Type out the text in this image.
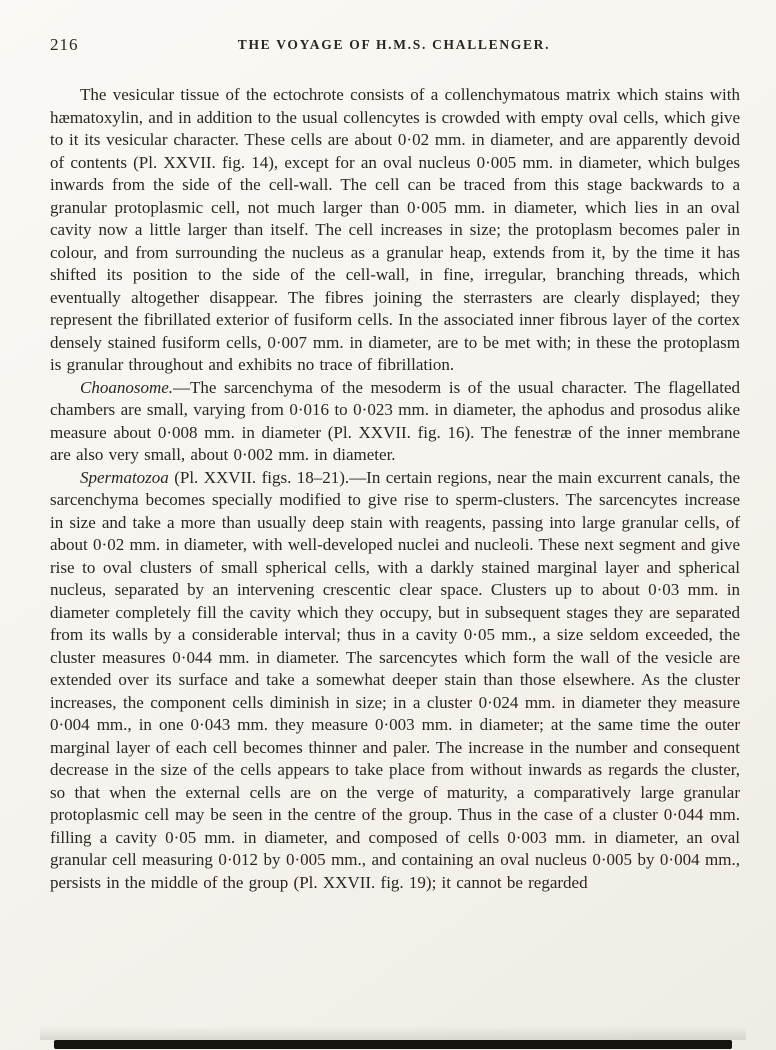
216	THE VOYAGE OF H.M.S. CHALLENGER.

The vesicular tissue of the ectochrote consists of a collenchymatous matrix which stains with hæmatoxylin, and in addition to the usual collencytes is crowded with empty oval cells, which give to it its vesicular character. These cells are about 0·02 mm. in diameter, and are apparently devoid of contents (Pl. XXVII. fig. 14), except for an oval nucleus 0·005 mm. in diameter, which bulges inwards from the side of the cell-wall. The cell can be traced from this stage backwards to a granular protoplasmic cell, not much larger than 0·005 mm. in diameter, which lies in an oval cavity now a little larger than itself. The cell increases in size; the protoplasm becomes paler in colour, and from surrounding the nucleus as a granular heap, extends from it, by the time it has shifted its position to the side of the cell-wall, in fine, irregular, branching threads, which eventually altogether disappear. The fibres joining the sterrasters are clearly displayed; they represent the fibrillated exterior of fusiform cells. In the associated inner fibrous layer of the cortex densely stained fusiform cells, 0·007 mm. in diameter, are to be met with; in these the protoplasm is granular throughout and exhibits no trace of fibrillation.

Choanosome.—The sarcenchyma of the mesoderm is of the usual character. The flagellated chambers are small, varying from 0·016 to 0·023 mm. in diameter, the aphodus and prosodus alike measure about 0·008 mm. in diameter (Pl. XXVII. fig. 16). The fenestræ of the inner membrane are also very small, about 0·002 mm. in diameter.

Spermatozoa (Pl. XXVII. figs. 18–21).—In certain regions, near the main excurrent canals, the sarcenchyma becomes specially modified to give rise to sperm-clusters. The sarcencytes increase in size and take a more than usually deep stain with reagents, passing into large granular cells, of about 0·02 mm. in diameter, with well-developed nuclei and nucleoli. These next segment and give rise to oval clusters of small spherical cells, with a darkly stained marginal layer and spherical nucleus, separated by an intervening crescentic clear space. Clusters up to about 0·03 mm. in diameter completely fill the cavity which they occupy, but in subsequent stages they are separated from its walls by a considerable interval; thus in a cavity 0·05 mm., a size seldom exceeded, the cluster measures 0·044 mm. in diameter. The sarcencytes which form the wall of the vesicle are extended over its surface and take a somewhat deeper stain than those elsewhere. As the cluster increases, the component cells diminish in size; in a cluster 0·024 mm. in diameter they measure 0·004 mm., in one 0·043 mm. they measure 0·003 mm. in diameter; at the same time the outer marginal layer of each cell becomes thinner and paler. The increase in the number and consequent decrease in the size of the cells appears to take place from without inwards as regards the cluster, so that when the external cells are on the verge of maturity, a comparatively large granular protoplasmic cell may be seen in the centre of the group. Thus in the case of a cluster 0·044 mm. filling a cavity 0·05 mm. in diameter, and composed of cells 0·003 mm. in diameter, an oval granular cell measuring 0·012 by 0·005 mm., and containing an oval nucleus 0·005 by 0·004 mm., persists in the middle of the group (Pl. XXVII. fig. 19); it cannot be regarded
